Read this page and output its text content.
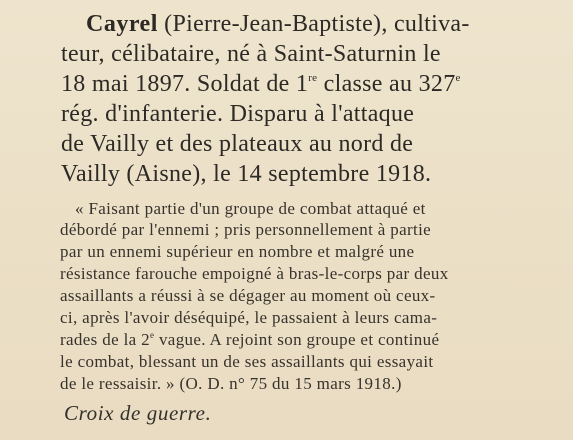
Cayrel (Pierre-Jean-Baptiste), cultiva-
teur, célibataire, né à Saint-Saturnin le
18 mai 1897. Soldat de 1re classe au 327e
rég. d'infanterie. Disparu à l'attaque
de Vailly et des plateaux au nord de
Vailly (Aisne), le 14 septembre 1918.
« Faisant partie d'un groupe de combat attaqué et
débordé par l'ennemi ; pris personnellement à partie
par un ennemi supérieur en nombre et malgré une
résistance farouche empoigné à bras-le-corps par deux
assaillants a réussi à se dégager au moment où ceux-
ci, après l'avoir déséquipé, le passaient à leurs cama-
rades de la 2e vague. A rejoint son groupe et continué
le combat, blessant un de ses assaillants qui essayait
de le ressaisir. » (O. D. n° 75 du 15 mars 1918.)
Croix de guerre.
